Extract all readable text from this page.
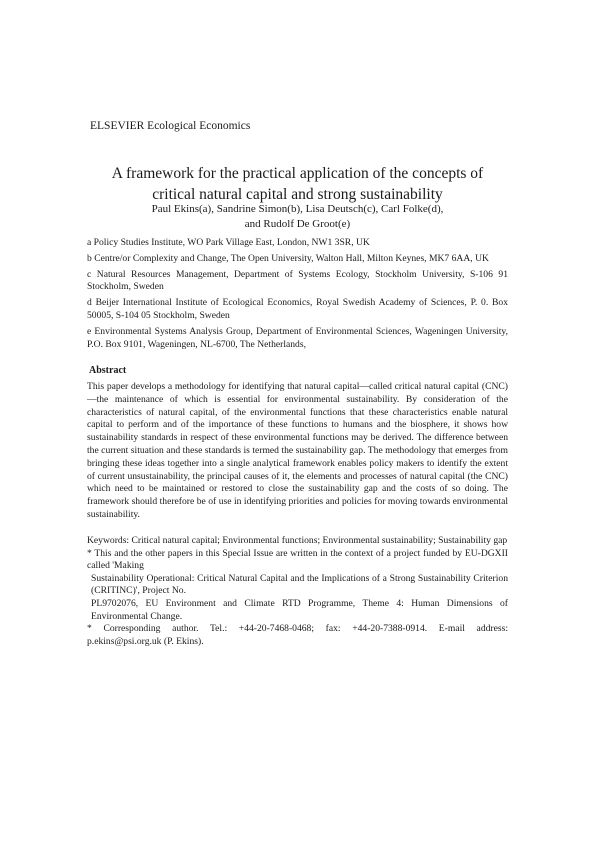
ELSEVIER Ecological Economics
A framework for the practical application of the concepts of
critical natural capital and strong sustainability
Paul Ekins(a), Sandrine Simon(b), Lisa Deutsch(c), Carl Folke(d),
and Rudolf De Groot(e)

a Policy Studies Institute, WO Park Village East, London, NW1 3SR, UK

b Centre/or Complexity and Change, The Open University, Walton Hall, Milton Keynes, MK7 6AA, UK

c Natural Resources Management, Department of Systems Ecology, Stockholm University, S-106 91 Stockholm, Sweden

d Beijer International Institute of Ecological Economics, Royal Swedish Academy of Sciences, P. 0. Box 50005, S-104 05 Stockholm, Sweden

e Environmental Systems Analysis Group, Department of Environmental Sciences, Wageningen University, P.O. Box 9101, Wageningen, NL-6700, The Netherlands,

Abstract

This paper develops a methodology for identifying that natural capital—called critical natural capital (CNC)—the maintenance of which is essential for environmental sustainability. By consideration of the characteristics of natural capital, of the environmental functions that these characteristics enable natural capital to perform and of the importance of these functions to humans and the biosphere, it shows how sustainability standards in respect of these environmental functions may be derived. The difference between the current situation and these standards is termed the sustainability gap. The methodology that emerges from bringing these ideas together into a single analytical framework enables policy makers to identify the extent of current unsustainability, the principal causes of it, the elements and processes of natural capital (the CNC) which need to be maintained or restored to close the sustainability gap and the costs of so doing. The framework should therefore be of use in identifying priorities and policies for moving towards environmental sustainability.

Keywords: Critical natural capital; Environmental functions; Environmental sustainability; Sustainability gap

* This and the other papers in this Special Issue are written in the context of a project funded by EU-DGXII called 'Making

Sustainability Operational: Critical Natural Capital and the Implications of a Strong Sustainability Criterion (CRITINC)', Project No.

PL9702076, EU Environment and Climate RTD Programme, Theme 4: Human Dimensions of Environmental Change.

* Corresponding author. Tel.: +44-20-7468-0468; fax: +44-20-7388-0914. E-mail address: p.ekins@psi.org.uk (P. Ekins).
